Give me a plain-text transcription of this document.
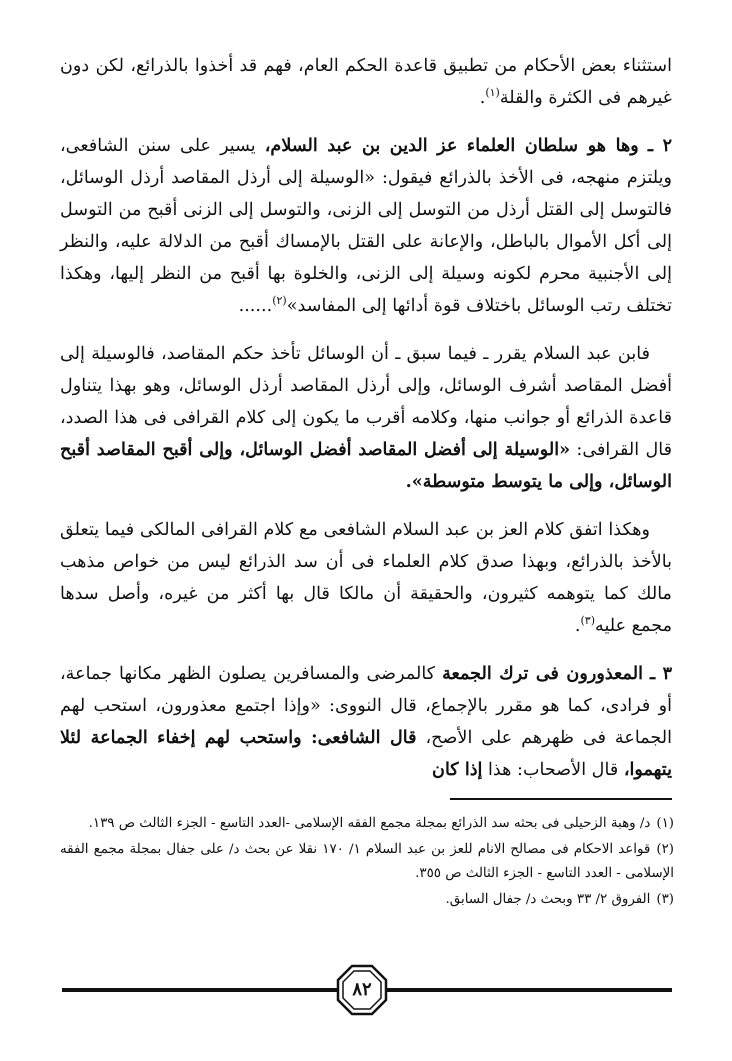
استثناء بعض الأحكام من تطبيق قاعدة الحكم العام، فهم قد أخذوا بالذرائع، لكن دون غيرهم فى الكثرة والقلة$^{(١)}$.

٢ ـ وها هو سلطان العلماء عز الدين بن عبد السلام، يسير على سنن الشافعى، ويلتزم منهجه، فى الأخذ بالذرائع فيقول: «الوسيلة إلى أرذل المقاصد أرذل الوسائل، فالتوسل إلى القتل أرذل من التوسل إلى الزنى، والتوسل إلى الزنى أقبح من التوسل إلى أكل الأموال بالباطل، والإعانة على القتل بالإمساك أقبح من الدلالة عليه، والنظر إلى الأجنبية محرم لكونه وسيلة إلى الزنى، والخلوة بها أقبح من النظر إليها، وهكذا تختلف رتب الوسائل باختلاف قوة أدائها إلى المفاسد»$^{(٢)}$......

فابن عبد السلام يقرر ـ فيما سبق ـ أن الوسائل تأخذ حكم المقاصد، فالوسيلة إلى أفضل المقاصد أشرف الوسائل، وإلى أرذل المقاصد أرذل الوسائل، وهو بهذا يتناول قاعدة الذرائع أو جوانب منها، وكلامه أقرب ما يكون إلى كلام القرافى فى هذا الصدد، قال القرافى: «الوسيلة إلى أفضل المقاصد أفضل الوسائل، وإلى أقبح المقاصد أقبح الوسائل، وإلى ما يتوسط متوسطة».

وهكذا اتفق كلام العز بن عبد السلام الشافعى مع كلام القرافى المالكى فيما يتعلق بالأخذ بالذرائع، وبهذا صدق كلام العلماء فى أن سد الذرائع ليس من خواص مذهب مالك كما يتوهمه كثيرون، والحقيقة أن مالكا قال بها أكثر من غيره، وأصل سدها مجمع عليه$^{(٣)}$.

٣ ـ المعذورون فى ترك الجمعة كالمرضى والمسافرين يصلون الظهر مكانها جماعة، أو فرادى، كما هو مقرر بالإجماع، قال النووى: «وإذا اجتمع معذورون، استحب لهم الجماعة فى ظهرهم على الأصح، قال الشافعى: واستحب لهم إخفاء الجماعة لئلا يتهموا، قال الأصحاب: هذا إذا كان

(١)د/ وهبة الزحيلى فى بحثه سد الذرائع بمجلة مجمع الفقه الإسلامى -العدد التاسع - الجزء الثالث ص ١٣٩.

(٢)قواعد الاحكام فى مصالح الانام للعز بن عبد السلام ١/ ١٧٠ نقلا عن بحث د/ على جفال بمجلة مجمع الفقه الإسلامى - العدد التاسع - الجزء الثالث ص ٣٥٥.

(٣)الفروق ٢/ ٣٣ وبحث د/ جفال السابق.

٨٢
